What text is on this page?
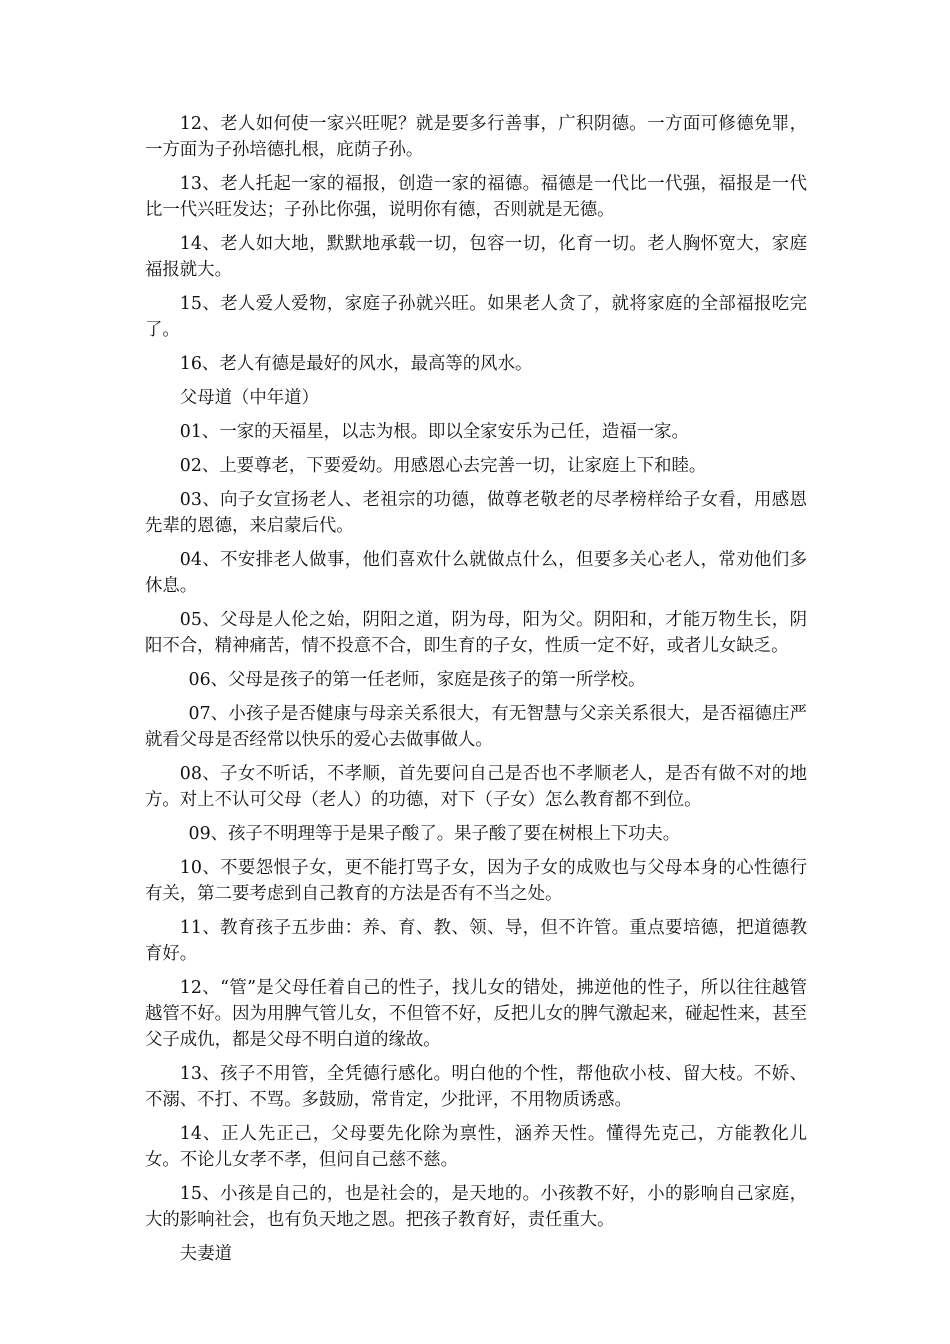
12、老人如何使一家兴旺呢？就是要多行善事，广积阴德。一方面可修德免罪，一方面为子孙培德扎根，庇荫子孙。

13、老人托起一家的福报，创造一家的福德。福德是一代比一代强，福报是一代比一代兴旺发达；子孙比你强，说明你有德，否则就是无德。

14、老人如大地，默默地承载一切，包容一切，化育一切。老人胸怀宽大，家庭福报就大。

15、老人爱人爱物，家庭子孙就兴旺。如果老人贪了，就将家庭的全部福报吃完了。

16、老人有德是最好的风水，最高等的风水。

父母道（中年道）

01、一家的天福星，以志为根。即以全家安乐为己任，造福一家。

02、上要尊老，下要爱幼。用感恩心去完善一切，让家庭上下和睦。

03、向子女宣扬老人、老祖宗的功德，做尊老敬老的尽孝榜样给子女看，用感恩先辈的恩德，来启蒙后代。

04、不安排老人做事，他们喜欢什么就做点什么，但要多关心老人，常劝他们多休息。

05、父母是人伦之始，阴阳之道，阴为母，阳为父。阴阳和，才能万物生长，阴阳不合，精神痛苦，情不投意不合，即生育的子女，性质一定不好，或者儿女缺乏。

06、父母是孩子的第一任老师，家庭是孩子的第一所学校。

07、小孩子是否健康与母亲关系很大，有无智慧与父亲关系很大，是否福德庄严就看父母是否经常以快乐的爱心去做事做人。

08、子女不听话，不孝顺，首先要问自己是否也不孝顺老人，是否有做不对的地方。对上不认可父母（老人）的功德，对下（子女）怎么教育都不到位。

09、孩子不明理等于是果子酸了。果子酸了要在树根上下功夫。

10、不要怨恨子女，更不能打骂子女，因为子女的成败也与父母本身的心性德行有关，第二要考虑到自己教育的方法是否有不当之处。

11、教育孩子五步曲：养、育、教、领、导，但不许管。重点要培德，把道德教育好。

12、“管”是父母任着自己的性子，找儿女的错处，拂逆他的性子，所以往往越管越管不好。因为用脾气管儿女，不但管不好，反把儿女的脾气激起来，碰起性来，甚至父子成仇，都是父母不明白道的缘故。

13、孩子不用管，全凭德行感化。明白他的个性，帮他砍小枝、留大枝。不娇、不溺、不打、不骂。多鼓励，常肯定，少批评，不用物质诱惑。

14、正人先正己，父母要先化除为禀性，涵养天性。懂得先克己，方能教化儿女。不论儿女孝不孝，但问自己慈不慈。

15、小孩是自己的，也是社会的，是天地的。小孩教不好，小的影响自己家庭，大的影响社会，也有负天地之恩。把孩子教育好，责任重大。

夫妻道
